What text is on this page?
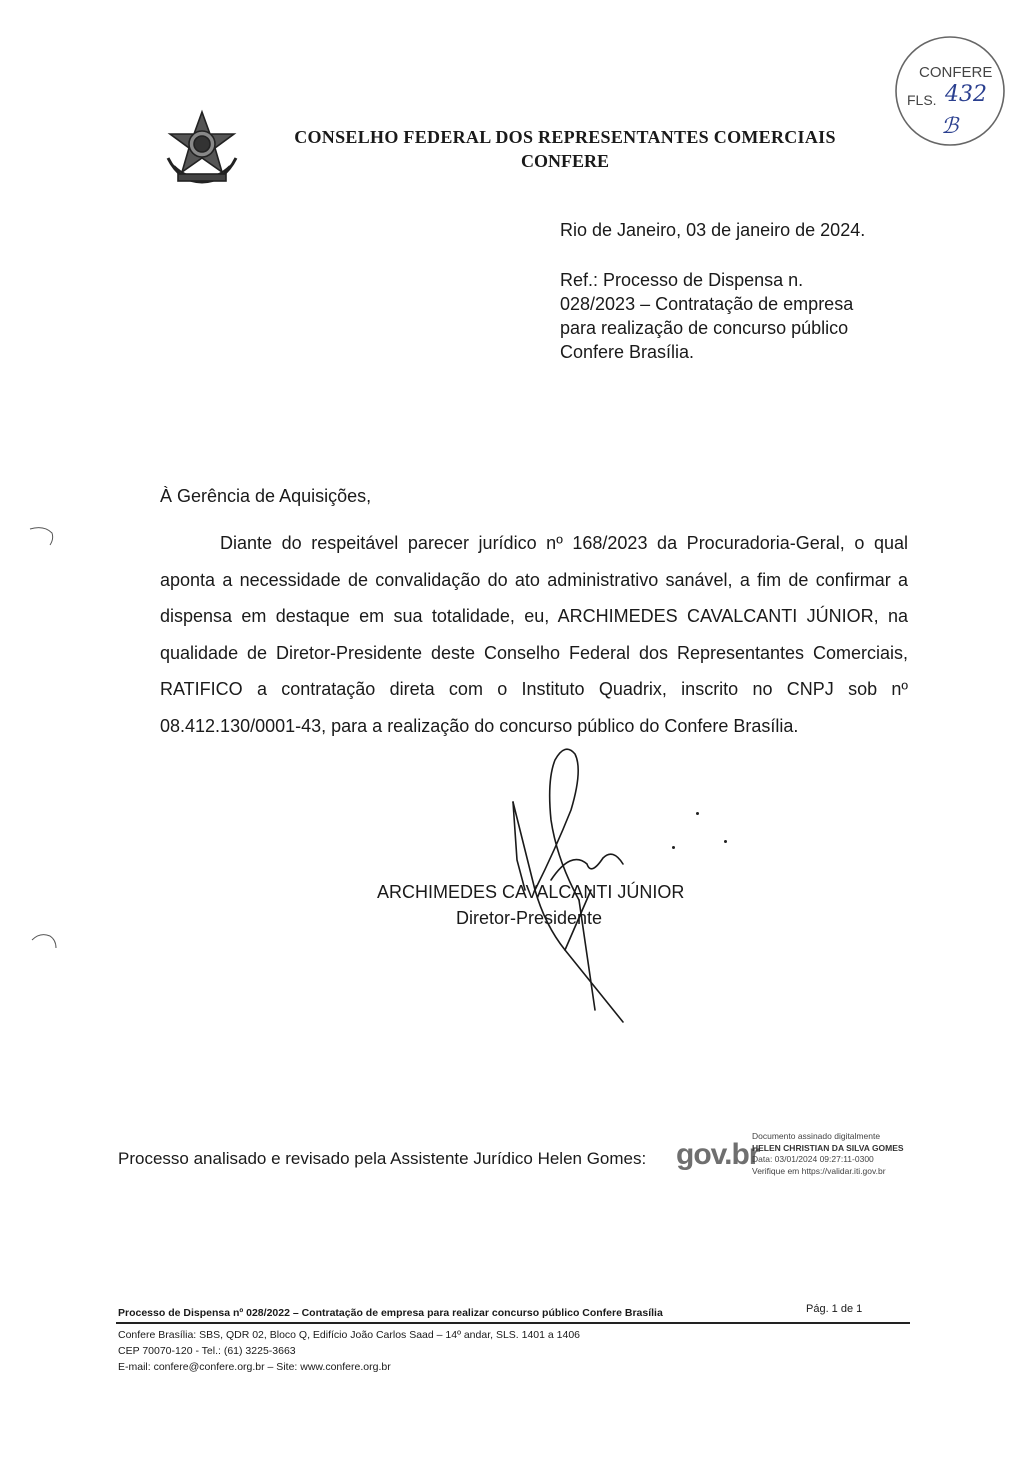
CONSELHO FEDERAL DOS REPRESENTANTES COMERCIAIS
CONFERE
CONFERE
FLS. 432
ℬ
Rio de Janeiro, 03 de janeiro de 2024.
Ref.: Processo de Dispensa n.
028/2023 – Contratação de empresa
para realização de concurso público
Confere Brasília.
À Gerência de Aquisições,
Diante do respeitável parecer jurídico nº 168/2023 da Procuradoria-Geral, o qual aponta a necessidade de convalidação do ato administrativo sanável, a fim de confirmar a dispensa em destaque em sua totalidade, eu, ARCHIMEDES CAVALCANTI JÚNIOR, na qualidade de Diretor-Presidente deste Conselho Federal dos Representantes Comerciais, RATIFICO a contratação direta com o Instituto Quadrix, inscrito no CNPJ sob nº 08.412.130/0001-43, para a realização do concurso público do Confere Brasília.
ARCHIMEDES CAVALCANTI JÚNIOR
Diretor-Presidente
Processo analisado e revisado pela Assistente Jurídico Helen Gomes: gov.br
Documento assinado digitalmente
HELEN CHRISTIAN DA SILVA GOMES
Data: 03/01/2024 09:27:11-0300
Verifique em https://validar.iti.gov.br
Processo de Dispensa nº 028/2022 – Contratação de empresa para realizar concurso público Confere Brasília	Pág. 1 de 1
Confere Brasília: SBS, QDR 02, Bloco Q, Edifício João Carlos Saad – 14º andar, SLS. 1401 a 1406
CEP 70070-120 - Tel.: (61) 3225-3663
E-mail: confere@confere.org.br – Site: www.confere.org.br
